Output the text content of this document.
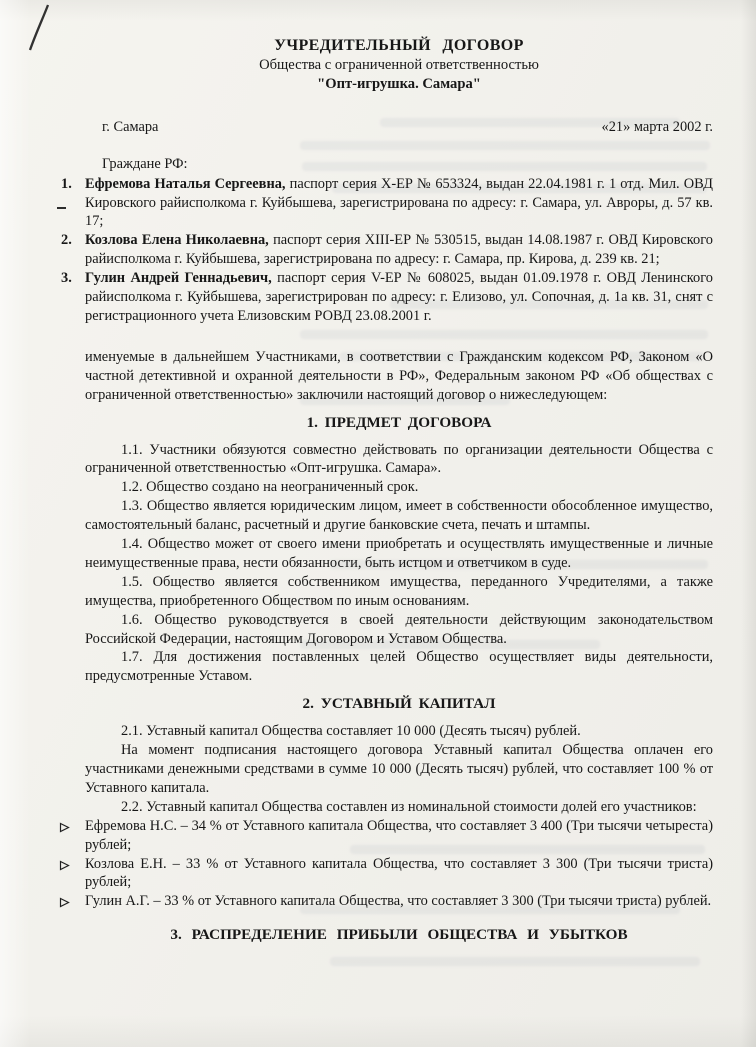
УЧРЕДИТЕЛЬНЫЙ ДОГОВОР
Общества с ограниченной ответственностью
"Опт-игрушка. Самара"
г. Самара	«21» марта 2002 г.
Граждане РФ:
1. Ефремова Наталья Сергеевна, паспорт серия X-ЕР № 653324, выдан 22.04.1981 г. 1 отд. Мил. ОВД Кировского райисполкома г. Куйбышева, зарегистрирована по адресу: г. Самара, ул. Авроры, д. 57 кв. 17;
2. Козлова Елена Николаевна, паспорт серия XIII-ЕР № 530515, выдан 14.08.1987 г. ОВД Кировского райисполкома г. Куйбышева, зарегистрирована по адресу: г. Самара, пр. Кирова, д. 239 кв. 21;
3. Гулин Андрей Геннадьевич, паспорт серия V-ЕР № 608025, выдан 01.09.1978 г. ОВД Ленинского райисполкома г. Куйбышева, зарегистрирован по адресу: г. Елизово, ул. Сопочная, д. 1а кв. 31, снят с регистрационного учета Елизовским РОВД 23.08.2001 г.

именуемые в дальнейшем Участниками, в соответствии с Гражданским кодексом РФ, Законом «О частной детективной и охранной деятельности в РФ», Федеральным законом РФ «Об обществах с ограниченной ответственностью» заключили настоящий договор о нижеследующем:

1. ПРЕДМЕТ ДОГОВОРА

1.1. Участники обязуются совместно действовать по организации деятельности Общества с ограниченной ответственностью «Опт-игрушка. Самара».

1.2. Общество создано на неограниченный срок.

1.3. Общество является юридическим лицом, имеет в собственности обособленное имущество, самостоятельный баланс, расчетный и другие банковские счета, печать и штампы.

1.4. Общество может от своего имени приобретать и осуществлять имущественные и личные неимущественные права, нести обязанности, быть истцом и ответчиком в суде.

1.5. Общество является собственником имущества, переданного Учредителями, а также имущества, приобретенного Обществом по иным основаниям.

1.6. Общество руководствуется в своей деятельности действующим законодательством Российской Федерации, настоящим Договором и Уставом Общества.

1.7. Для достижения поставленных целей Общество осуществляет виды деятельности, предусмотренные Уставом.

2. УСТАВНЫЙ КАПИТАЛ

2.1. Уставный капитал Общества составляет 10 000 (Десять тысяч) рублей.

На момент подписания настоящего договора Уставный капитал Общества оплачен его участниками денежными средствами в сумме 10 000 (Десять тысяч) рублей, что составляет 100 % от Уставного капитала.

2.2. Уставный капитал Общества составлен из номинальной стоимости долей его участников:

Ефремова Н.С. – 34 % от Уставного капитала Общества, что составляет 3 400 (Три тысячи четыреста) рублей;
Козлова Е.Н. – 33 % от Уставного капитала Общества, что составляет 3 300 (Три тысячи триста) рублей;
Гулин А.Г. – 33 % от Уставного капитала Общества, что составляет 3 300 (Три тысячи триста) рублей.
3. РАСПРЕДЕЛЕНИЕ ПРИБЫЛИ ОБЩЕСТВА И УБЫТКОВ
